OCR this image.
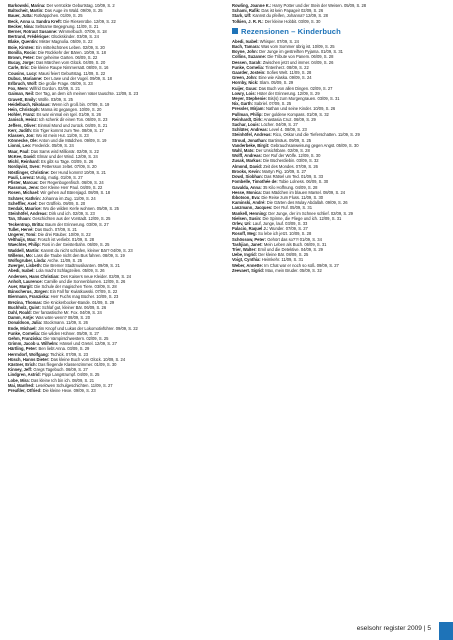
Barkowski, Marina: Der verrückte Geburtstag. 10/09, S. 2

Baltscheit, Martin: Das Auge im Wald. 09/09, S. 25

Bauer, Jutta: Rotkäppchen. 01/09, S. 25

Beck, Anna u. Sandra Kreft: Die Riesenrübe. 12/09, S. 22

Becker, Nina: Seltsame Begegnung. 11/09, S. 21

Berner, Rotraut Susanne: Wimmelbuch. 07/09, S. 18

Bertrand, Frédérique: Glückskinder. 03/09, S. 24

Blake, Quentin: Mister Magnolia. 05/09, S. 22

Boie, Kirsten: Ein mittelschönes Leben. 02/09, S. 20

Bonilla, Rocio: Die Rückkehr der Bären. 10/09, S. 18

Brown, Peter: Der geheime Garten. 06/09, S. 22

Bucay, Jorge: Das Märchen vom Glück. 04/09, S. 20

Carle, Eric: Die kleine Raupe Nimmersatt. 08/09, S. 16

Cousins, Lucy: Mausi feiert Geburtstag. 11/09, S. 22

Dubuc, Marianne: Der Löwe und der Vogel. 09/09, S. 18

Erlbruch, Wolf: Die große Frage. 05/09, S. 23

Fox, Mem: Wilfrid Gordon. 02/09, S. 21

Gaiman, Neil: Der Tag, an dem ich meinen Vater tauschte. 12/09, S. 23

Gravett, Emily: Wölfe. 03/09, S. 25

Heidelbach, Nikolaus: Wenn ich groß bin. 07/09, S. 19

Hein, Christoph: Mama ist gegangen. 10/09, S. 20

Hohler, Franz: Es war einmal ein Igel. 01/09, S. 26

Janisch, Heinz: Ich schenk dir einen Ton. 06/09, S. 23

Jeffers, Oliver: Einmal Mond und zurück. 04/09, S. 21

Kerr, Judith: Ein Tiger kommt zum Tee. 08/09, S. 17

Klassen, Jon: Wo ist mein Hut. 11/09, S. 23

Könnecke, Ole: Anton und die Mädchen. 09/09, S. 19

Lionni, Leo: Frederick. 05/09, S. 24

Maar, Paul: Das Sams wird Millionär. 02/09, S. 22

McKee, David: Elmar und der Wind. 12/09, S. 24

Michl, Reinhard: Es gibt so Tage. 03/09, S. 26

Nordqvist, Sven: Pettersson zeltet. 07/09, S. 20

Nöstlinger, Christine: Der Hund kommt! 10/09, S. 21

Pauli, Lorenz: Mutig, mutig. 01/09, S. 27

Pfister, Marcus: Der Regenbogenfisch. 06/09, S. 24

Rassmus, Jens: Der Kleine Herr Paul. 04/09, S. 22

Rosen, Michael: Wir gehen auf Bärenjagd. 08/09, S. 18

Schärer, Kathrin: Johanna im Zug. 11/09, S. 24

Scheffler, Axel: Der Grüffelo. 09/09, S. 20

Sendak, Maurice: Wo die wilden Kerle wohnen. 05/09, S. 25

Steinhöfel, Andreas: Dirk und ich. 02/09, S. 23

Tan, Shaun: Geschichten aus der Vorstadt. 12/09, S. 25

Teckentrup, Britta: Baum der Erinnerung. 03/09, S. 27

Tullet, Hervé: Das Buch. 07/09, S. 21

Ungerer, Tomi: Die drei Räuber. 10/09, S. 22

Velthuijs, Max: Frosch ist verliebt. 01/09, S. 28

Waechter, Philip: Rosi in der Geisterbahn. 06/09, S. 25

Waddell, Martin: Kannst du nicht schlafen, kleiner Bär? 04/09, S. 23

Willems, Mo: Lass die Taube nicht den Bus fahren. 08/09, S. 19

Wolfsgruber, Linda: Arche. 11/09, S. 25

Zwerger, Lisbeth: Die Bremer Stadtmusikanten. 09/09, S. 21

Abedi, Isabel: Lola macht Schlagzeilen. 05/09, S. 26

Andersen, Hans Christian: Des Kaisers neue Kleider. 02/09, S. 24

Anholt, Laurence: Camille und die Sonnenblumen. 12/09, S. 26

Auer, Margit: Die Schule der magischen Tiere. 03/09, S. 28

Bánscherus, Jürgen: Ein Fall für Kwiatkowski. 07/09, S. 22

Biermann, Franziska: Herr Fuchs mag Bücher. 10/09, S. 23

Brezina, Thomas: Die Knickerbocker-Bande. 01/09, S. 29

Buchholz, Quint: Schlaf gut, kleiner Bär. 06/09, S. 26

Dahl, Roald: Der fantastische Mr. Fox. 04/09, S. 24

Damm, Antje: Was wäre wenn? 08/09, S. 20

Donaldson, Julia: Stockmann. 11/09, S. 26

Ende, Michael: Jim Knopf und Lukas der Lokomotivführer. 09/09, S. 22

Funke, Cornelia: Die wilden Hühner. 05/09, S. 27

Gehm, Franziska: Die Vampirschwestern. 02/09, S. 25

Grimm, Jacob u. Wilhelm: Hänsel und Gretel. 12/09, S. 27

Härtling, Peter: Ben liebt Anna. 03/09, S. 29

Herrndorf, Wolfgang: Tschick. 07/09, S. 23

Hüsch, Hanns Dieter: Das kleine Buch vom Glück. 10/09, S. 24

Kästner, Erich: Das fliegende Klassenzimmer. 01/09, S. 30

Kinney, Jeff: Gregs Tagebuch. 06/09, S. 27

Lindgren, Astrid: Pippi Langstrumpf. 04/09, S. 25

Lobe, Mira: Das kleine Ich bin ich. 08/09, S. 21

Mai, Manfred: Leselöwen Schulgeschichten. 11/09, S. 27

Preußler, Otfried: Die kleine Hexe. 09/09, S. 23

Rowling, Joanne K.: Harry Potter und der Stein der Weisen. 05/09, S. 28

Schami, Rafik: Das ist kein Papagei! 02/09, S. 26

Stark, Ulf: Kannst du pfeifen, Johanna? 12/09, S. 28

Tolkien, J. R. R.: Der kleine Hobbit. 03/09, S. 30

Rezensionen – Kinderbuch

Abedi, Isabel: Whisper. 07/09, S. 24

Bach, Tamara: Was vom Sommer übrig ist. 10/09, S. 25

Boyne, John: Der Junge im gestreiften Pyjama. 01/09, S. 31

Collins, Suzanne: Die Tribute von Panem. 06/09, S. 28

Dessen, Sarah: Zwischen jetzt und immer. 04/09, S. 26

Funke, Cornelia: Tintenherz. 08/09, S. 22

Gaarder, Jostein: Sofies Welt. 11/09, S. 28

Green, John: Eine wie Alaska. 09/09, S. 24

Hornby, Nick: Slam. 05/09, S. 29

Kuijer, Guus: Das Buch von allen Dingen. 02/09, S. 27

Lowry, Lois: Hüter der Erinnerung. 12/09, S. 29

Meyer, Stephenie: Bis(s) zum Morgengrauen. 03/09, S. 31

Nix, Garth: Sabriel. 07/09, S. 25

Pressler, Mirjam: Nathan und seine Kinder. 10/09, S. 26

Pullman, Philip: Der goldene Kompass. 01/09, S. 32

Reinhardt, Dirk: Anastasia Cruz. 06/09, S. 29

Sachar, Louis: Löcher. 04/09, S. 27

Schlüter, Andreas: Level 4. 08/09, S. 23

Steinhöfel, Andreas: Rico, Oskar und die Tieferschatten. 11/09, S. 29

Stroud, Jonathan: Bartimäus. 09/09, S. 25

Vanderbeke, Birgit: Gebrauchsanweisung gegen Angst. 05/09, S. 30

Wahl, Mats: Der Unsichtbare. 02/09, S. 28

Wolff, Andreas: Der Ruf der Wölfe. 12/09, S. 30

Zusak, Markus: Die Bücherdiebin. 03/09, S. 32

Almond, David: Zeit des Mondes. 07/09, S. 26

Brooks, Kevin: Martyn Pig. 10/09, S. 27

Dowd, Siobhan: Das Rätsel um Ted. 01/09, S. 33

Fombelle, Timothée de: Tobie Lolness. 06/09, S. 30

Gavalda, Anna: 35 Kilo Hoffnung. 04/09, S. 28

Hesse, Monica: Das Mädchen im blauen Mantel. 08/09, S. 24

Ibbotson, Eva: Die Reise zum Fluss. 11/09, S. 30

Kaminski, André: Die Gärten des Mulay Abdallah. 09/09, S. 26

Lanzmann, Jacques: Der Ruf. 05/09, S. 31

Mankell, Henning: Der Junge, der im Schnee schlief. 02/09, S. 29

Nielsen, Susin: Die Spinne, die Fliege und ich. 12/09, S. 31

Orlev, Uri: Lauf, Junge, lauf. 03/09, S. 33

Palacio, Raquel J.: Wunder. 07/09, S. 27

Rosoff, Meg: So lebe ich jetzt. 10/09, S. 28

Schössow, Peter: Gehört das so??! 01/09, S. 34

Tashjian, Janet: Mein Leben als Buch. 06/09, S. 31

Trier, Walter: Emil und die Detektive. 04/09, S. 29

Uebe, Ingrid: Der kleine Bär. 08/09, S. 25

Voigt, Cynthia: Heimkehr. 11/09, S. 31

Weber, Annette: Im Chat war er noch so süß. 09/09, S. 27

Zeevaert, Sigrid: Max, mein Bruder. 05/09, S. 32

eselsohr register 2009 | 5
